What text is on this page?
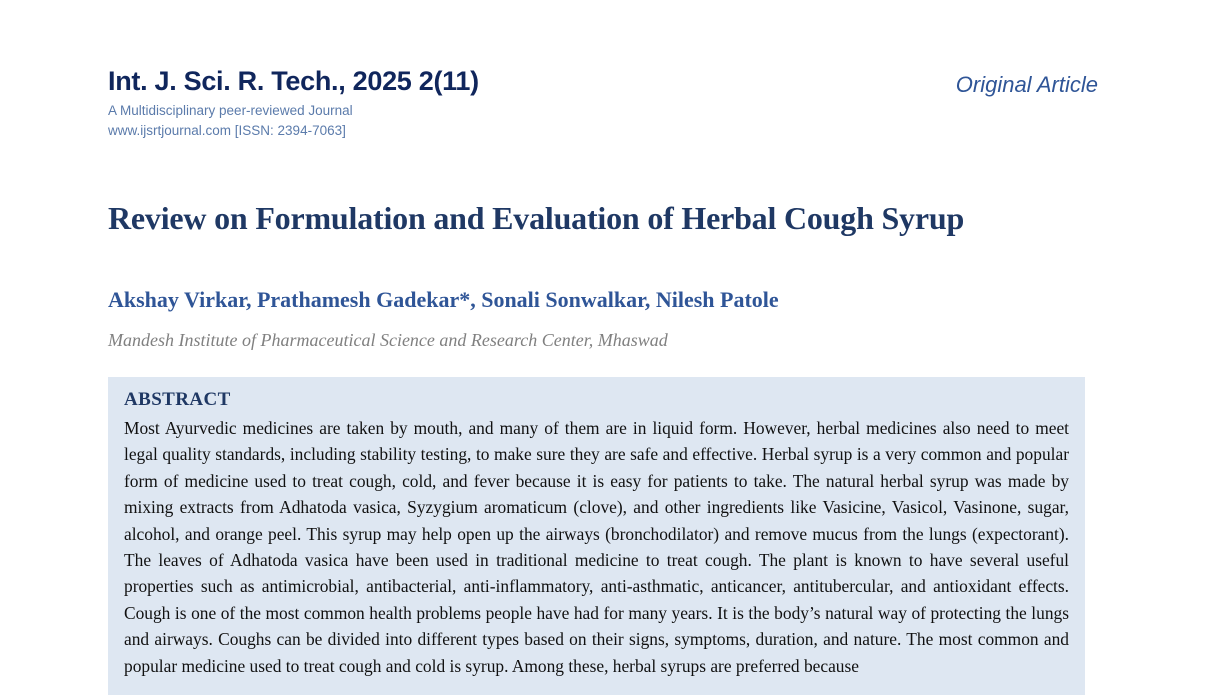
Int. J. Sci. R. Tech., 2025 2(11)
A Multidisciplinary peer-reviewed Journal
www.ijsrtjournal.com [ISSN: 2394-7063]
Original Article
Review on Formulation and Evaluation of Herbal Cough Syrup
Akshay Virkar, Prathamesh Gadekar*, Sonali Sonwalkar, Nilesh Patole
Mandesh Institute of Pharmaceutical Science and Research Center, Mhaswad
ABSTRACT
Most Ayurvedic medicines are taken by mouth, and many of them are in liquid form. However, herbal medicines also need to meet legal quality standards, including stability testing, to make sure they are safe and effective. Herbal syrup is a very common and popular form of medicine used to treat cough, cold, and fever because it is easy for patients to take. The natural herbal syrup was made by mixing extracts from Adhatoda vasica, Syzygium aromaticum (clove), and other ingredients like Vasicine, Vasicol, Vasinone, sugar, alcohol, and orange peel. This syrup may help open up the airways (bronchodilator) and remove mucus from the lungs (expectorant). The leaves of Adhatoda vasica have been used in traditional medicine to treat cough. The plant is known to have several useful properties such as antimicrobial, antibacterial, anti-inflammatory, anti-asthmatic, anticancer, antitubercular, and antioxidant effects. Cough is one of the most common health problems people have had for many years. It is the body’s natural way of protecting the lungs and airways. Coughs can be divided into different types based on their signs, symptoms, duration, and nature. The most common and popular medicine used to treat cough and cold is syrup. Among these, herbal syrups are preferred because
